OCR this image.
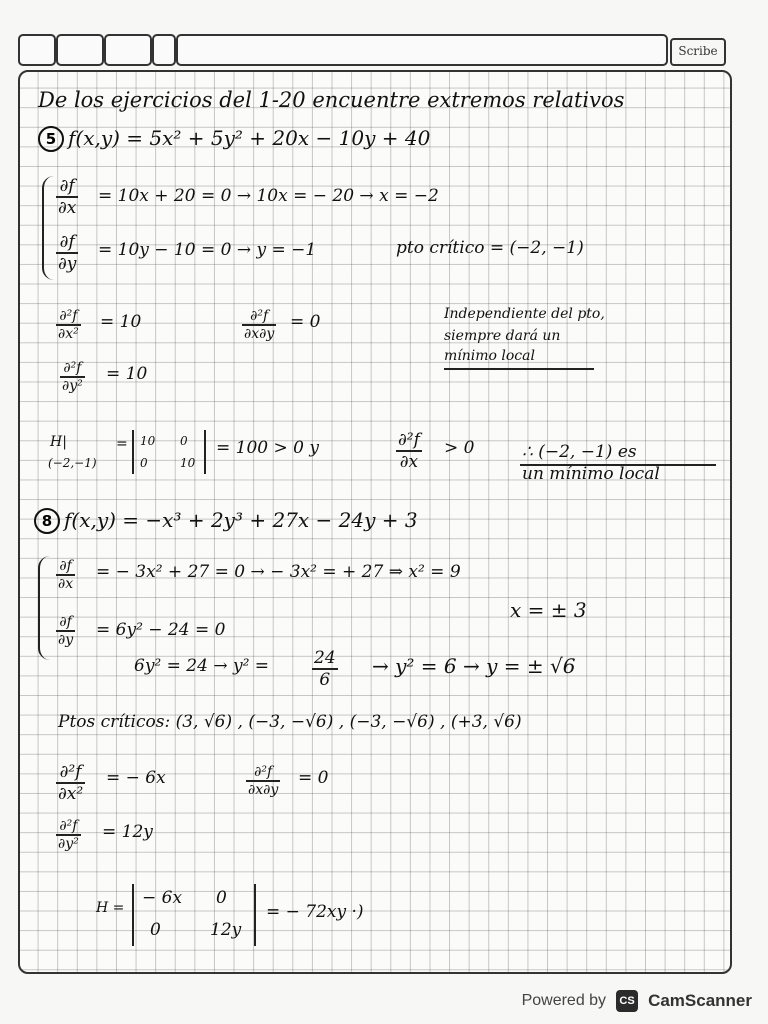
Scribe
De los ejercicios del 1-20 encuentre extremos relativos
5 f(x,y) = 5x² + 5y² + 20x − 10y + 40
$\frac{\partial f}{\partial x} = 10x + 20 = 0 \to 10x$ = − 20 → x = −2
$\frac{\partial f}{\partial y} = 10y - 10 = 0 \to y = -1$	pto crítico = (−2, −1)
$\frac{\text{∂²f}}{\text{∂x²}} = 10$	$\frac{\text{∂²f}}{\partial x\partial y} = 0$	Independiente del pto,
siempre dará un
mínimo local
$\frac{\text{∂²f}}{\text{∂y²}} = 10$
H|
(−2,−1)
= 10 0
0	10
= 100 > 0 y	$\frac{\text{∂²f}}{\partial x} > 0$	∴ (−2, −1) es
un mínimo local
8 f(x,y) = −x³ + 2y³ + 27x − 24y + 3
$\frac{\partial f}{\partial x}$ = − 3x² + 27 = 0 → − 3x² = + 27 ⇒ x² = 9
x = ± 3
$\frac{\partial f}{\partial y} = 6y^2 - 24 = 0$
6y² = 24 → y² =	$\frac{24}{6} \to y^2 = 6 \to y$ = ± √6
Ptos críticos: (3, √6) , (−3, −√6) , (−3, −√6) , (+3, √6)
$\frac{\text{∂²f}}{\text{∂x²}}$ = − 6x	$\frac{\text{∂²f}}{\partial x\partial y} = 0$
$\frac{\text{∂²f}}{\text{∂y²}} = 12y$
H = − 6x 0
0	12y
= − 72xy ·)
Powered by	CS CamScanner
